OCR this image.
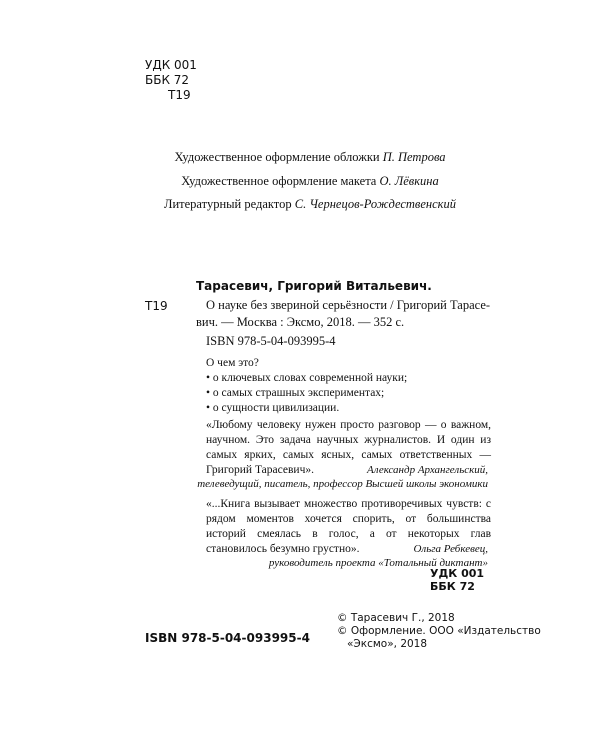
УДК 001
ББК 72
Т19
Художественное оформление обложки П. Петрова
Художественное оформление макета О. Лёвкина
Литературный редактор С. Чернецов-Рождественский
Тарасевич, Григорий Витальевич.
Т19	О науке без звериной серьёзности / Григорий Тарасе-
вич. — Москва : Эксмо, 2018. — 352 с.
ISBN 978-5-04-093995-4
О чем это?
• о ключевых словах современной науки;
• о самых страшных экспериментах;
• о сущности цивилизации.
«Любому человеку нужен просто разговор — о важном, научном. Это задача научных журналистов. И один из самых ярких, самых ясных, самых ответственных — Григорий Тарасевич».	Александр Архангельский,
телеведущий, писатель, профессор Высшей школы экономики
«...Книга вызывает множество противоречивых чувств: с рядом моментов хочется спорить, от большинства историй смеялась в голос, а от некоторых глав становилось безумно грустно».	Ольга Ребкевец,
руководитель проекта «Тотальный диктант»
УДК 001
ББК 72
ISBN 978-5-04-093995-4
© Тарасевич Г., 2018
© Оформление. ООО «Издательство
«Эксмо», 2018
